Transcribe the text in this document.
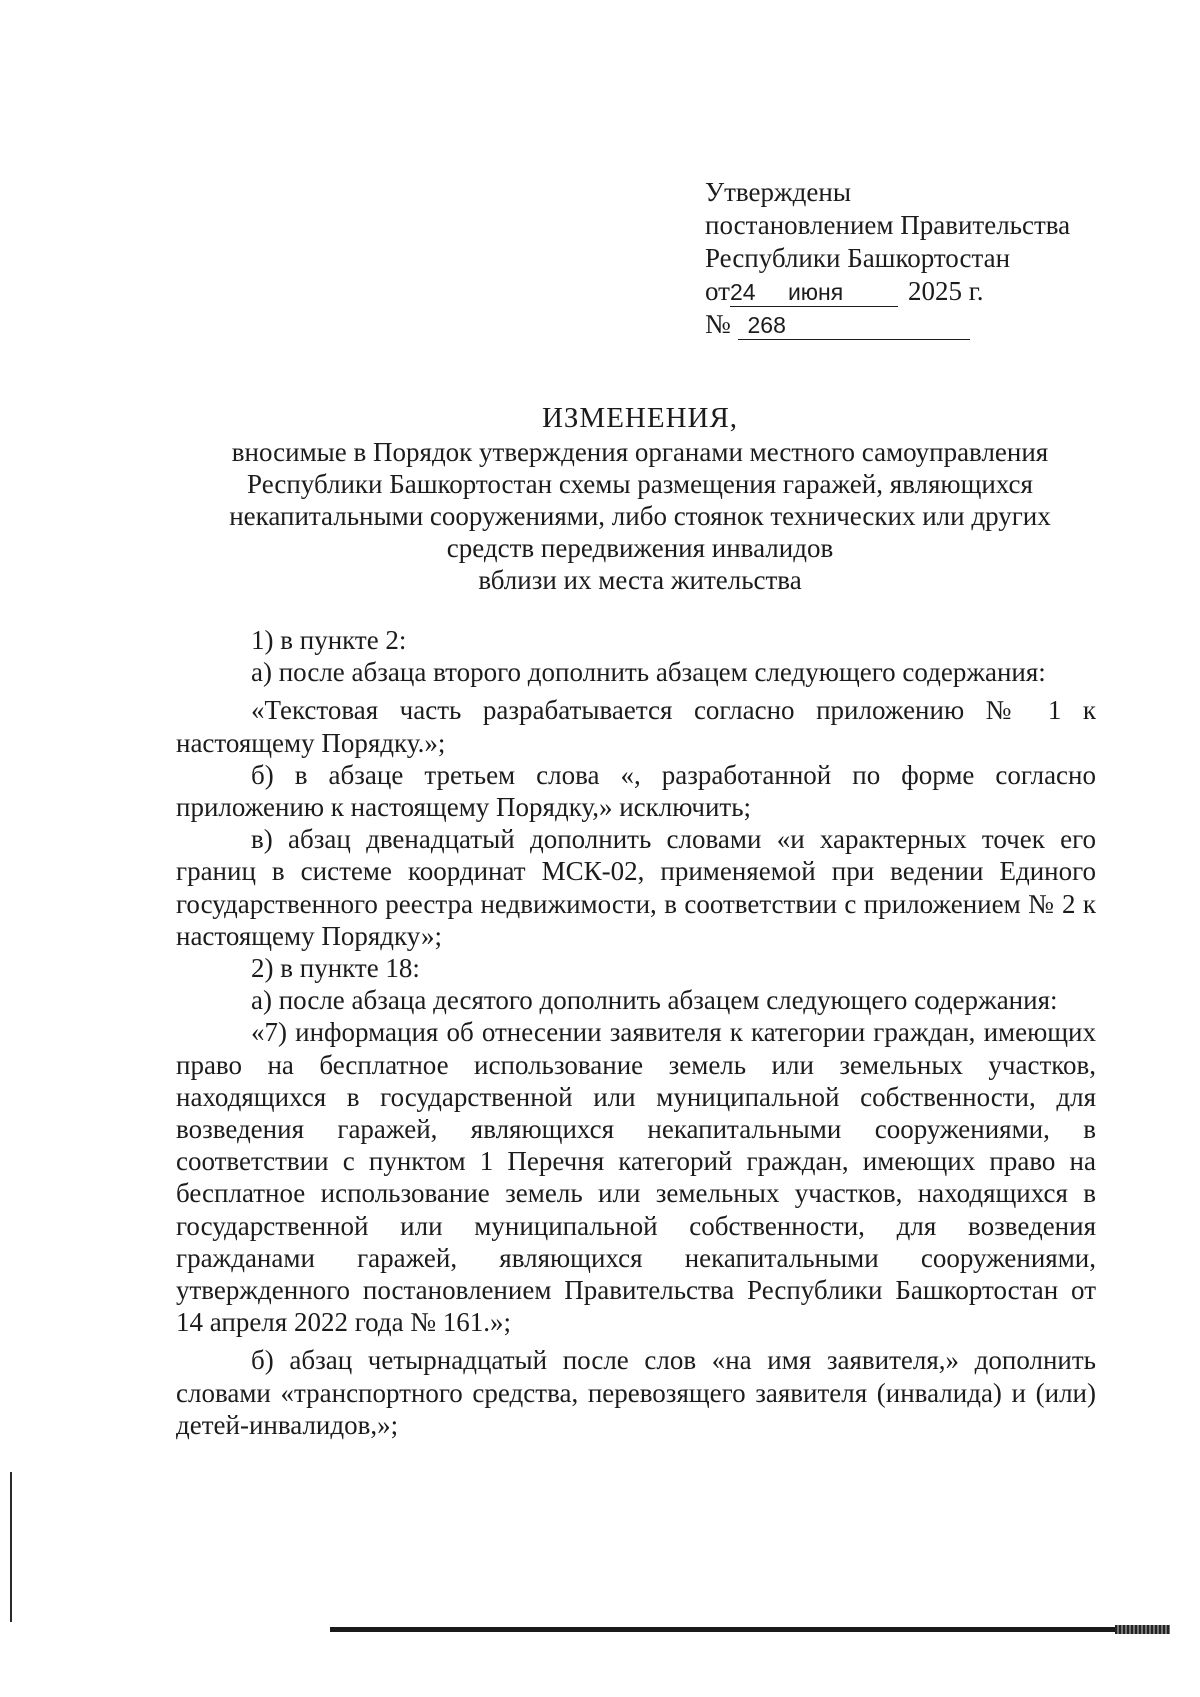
Утверждены
постановлением Правительства
Республики Башкортостан
от24 июня 2025 г.
№ 268
ИЗМЕНЕНИЯ,
вносимые в Порядок утверждения органами местного самоуправления
Республики Башкортостан схемы размещения гаражей, являющихся
некапитальными сооружениями, либо стоянок технических или других
средств передвижения инвалидов
вблизи их места жительства

1) в пункте 2:

а) после абзаца второго дополнить абзацем следующего содержания:

«Текстовая часть разрабатывается согласно приложению № 1 к настоящему Порядку.»;

б) в абзаце третьем слова «, разработанной по форме согласно приложению к настоящему Порядку,» исключить;

в) абзац двенадцатый дополнить словами «и характерных точек его границ в системе координат МСК-02, применяемой при ведении Единого государственного реестра недвижимости, в соответствии с приложением № 2 к настоящему Порядку»;

2) в пункте 18:

а) после абзаца десятого дополнить абзацем следующего содержания:

«7) информация об отнесении заявителя к категории граждан, имеющих право на бесплатное использование земель или земельных участков, находящихся в государственной или муниципальной собственности, для возведения гаражей, являющихся некапитальными сооружениями, в соответствии с пунктом 1 Перечня категорий граждан, имеющих право на бесплатное использование земель или земельных участков, находящихся в государственной или муниципальной собственности, для возведения гражданами гаражей, являющихся некапитальными сооружениями, утвержденного постановлением Правительства Республики Башкортостан от 14 апреля 2022 года № 161.»;

б) абзац четырнадцатый после слов «на имя заявителя,» дополнить словами «транспортного средства, перевозящего заявителя (инвалида) и (или) детей-инвалидов,»;
